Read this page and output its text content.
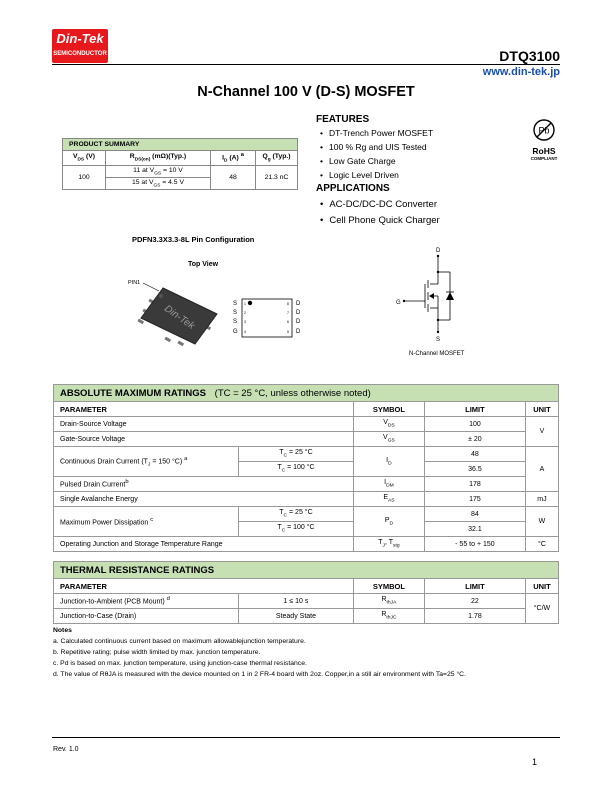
Din-Tek
SEMICONDUCTOR	DTQ3100
www.din-tek.jp
N-Channel 100 V (D-S) MOSFET
FEATURES
• DT-Trench Power MOSFET
• 100 % Rg and UIS Tested
• Low Gate Charge
• Logic Level Driven
Pb
RoHS
COMPLIANT
APPLICATIONS
• AC-DC/DC-DC Converter
• Cell Phone Quick Charger
PRODUCT SUMMARY			
$V_{DS}$ (V)	$R_{DS(on)}$ (mΩ)(Typ.)	$I_D$ (A) $^a$	$Q_g$ (Typ.)
100	11 at $V_{GS} = 10$ V	48	21.3 nC
	15 at $V_{GS} = 4.5$ V		
PDFN3.3X3.3-8L Pin Configuration
Top View
PIN1
Din-Tek	S
S
S
G
D
D
D
D
1
2
3
4
8
7
6
5
D
G
S
N-Channel MOSFET
ABSOLUTE MAXIMUM RATINGS (TC = 25 °C, unless otherwise noted)				
PARAMETER		SYMBOL	LIMIT	UNIT
Drain-Source Voltage		$V_{DS}$	100	V
Gate-Source Voltage		$V_{GS}$	± 20	
Continuous Drain Current ($T_J = 150$ °C) $^a$	$T_C = 25$ °C	$I_D$	48	A
	$T_C = 100$ °C		36.5	
Pulsed Drain Current$^b$		$I_{DM}$	178	
Single Avalanche Energy		$E_{AS}$	175	mJ
Maximum Power Dissipation $^c$	$T_C = 25$ °C	$P_D$	84	W
	$T_C = 100$ °C		32.1	
Operating Junction and Storage Temperature Range		$T_J$, $T_{stg}$	- 55 to + 150	°C
THERMAL RESISTANCE RATINGS				
PARAMETER		SYMBOL	LIMIT	UNIT
Junction-to-Ambient (PCB Mount) $^d$	1 ≤ 10 s	$R_{thJA}$	22	°C/W
Junction-to-Case (Drain)	Steady State	$R_{thJC}$	1.78	
Notes
a. Calculated continuous current based on maximum allowablejunction temperature.
b. Repetitive rating; pulse width limited by max. junction temperature.
c. Pd is based on max. junction temperature, using junction-case thermal resistance.
d. The value of RθJA is measured with the device mounted on 1 in 2 FR-4 board with 2oz. Copper,in a still air environment with Ta=25 °C.
Rev. 1.0
1
